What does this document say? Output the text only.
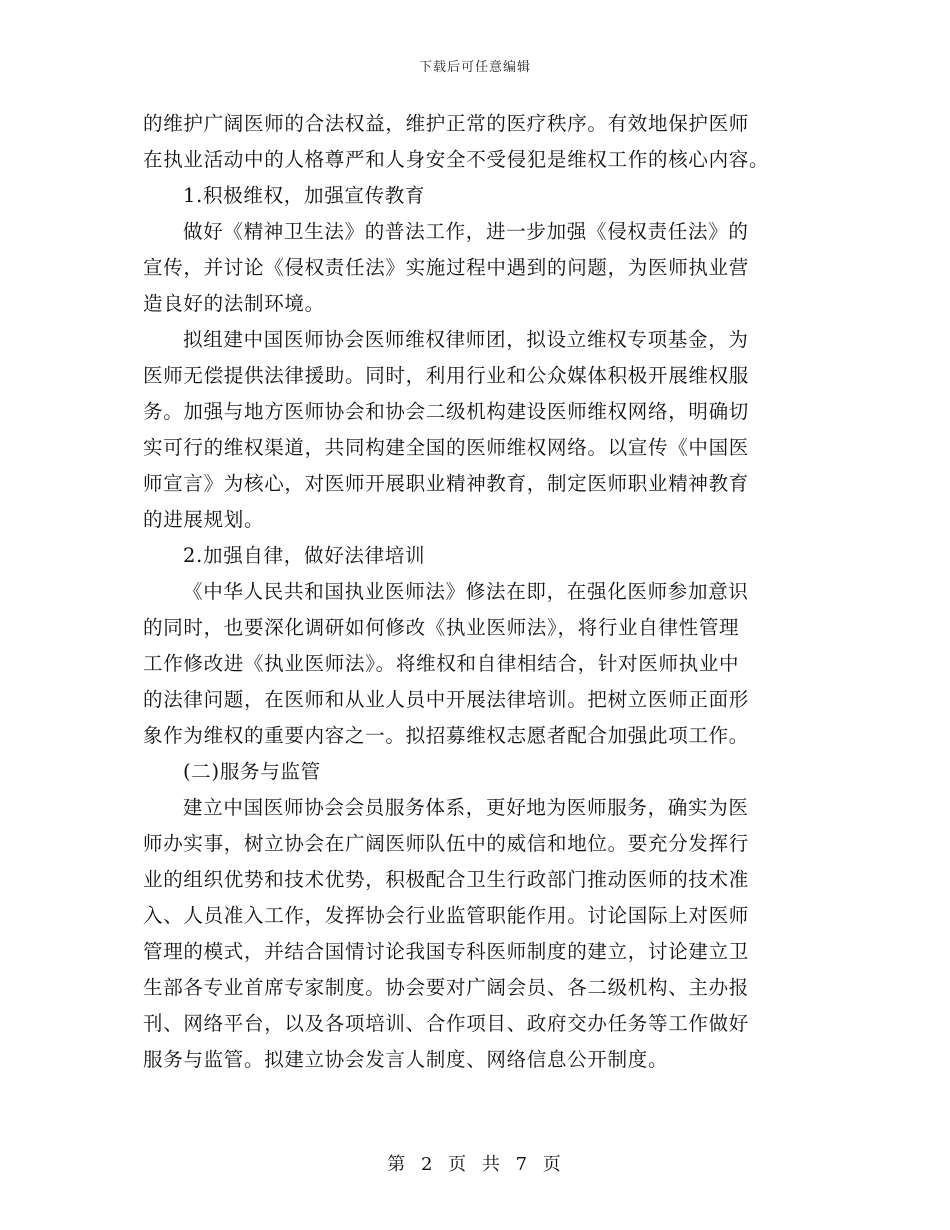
下载后可任意编辑
的维护广阔医师的合法权益，维护正常的医疗秩序。有效地保护医师
在执业活动中的人格尊严和人身安全不受侵犯是维权工作的核心内容。
1.积极维权，加强宣传教育
做好《精神卫生法》的普法工作，进一步加强《侵权责任法》的
宣传，并讨论《侵权责任法》实施过程中遇到的问题，为医师执业营
造良好的法制环境。
拟组建中国医师协会医师维权律师团，拟设立维权专项基金，为
医师无偿提供法律援助。同时，利用行业和公众媒体积极开展维权服
务。加强与地方医师协会和协会二级机构建设医师维权网络，明确切
实可行的维权渠道，共同构建全国的医师维权网络。以宣传《中国医
师宣言》为核心，对医师开展职业精神教育，制定医师职业精神教育
的进展规划。
2.加强自律，做好法律培训
《中华人民共和国执业医师法》修法在即，在强化医师参加意识
的同时，也要深化调研如何修改《执业医师法》，将行业自律性管理
工作修改进《执业医师法》。将维权和自律相结合，针对医师执业中
的法律问题，在医师和从业人员中开展法律培训。把树立医师正面形
象作为维权的重要内容之一。拟招募维权志愿者配合加强此项工作。
(二)服务与监管
建立中国医师协会会员服务体系，更好地为医师服务，确实为医
师办实事，树立协会在广阔医师队伍中的威信和地位。要充分发挥行
业的组织优势和技术优势，积极配合卫生行政部门推动医师的技术准
入、人员准入工作，发挥协会行业监管职能作用。讨论国际上对医师
管理的模式，并结合国情讨论我国专科医师制度的建立，讨论建立卫
生部各专业首席专家制度。协会要对广阔会员、各二级机构、主办报
刊、网络平台，以及各项培训、合作项目、政府交办任务等工作做好
服务与监管。拟建立协会发言人制度、网络信息公开制度。
第 2 页 共 7 页
